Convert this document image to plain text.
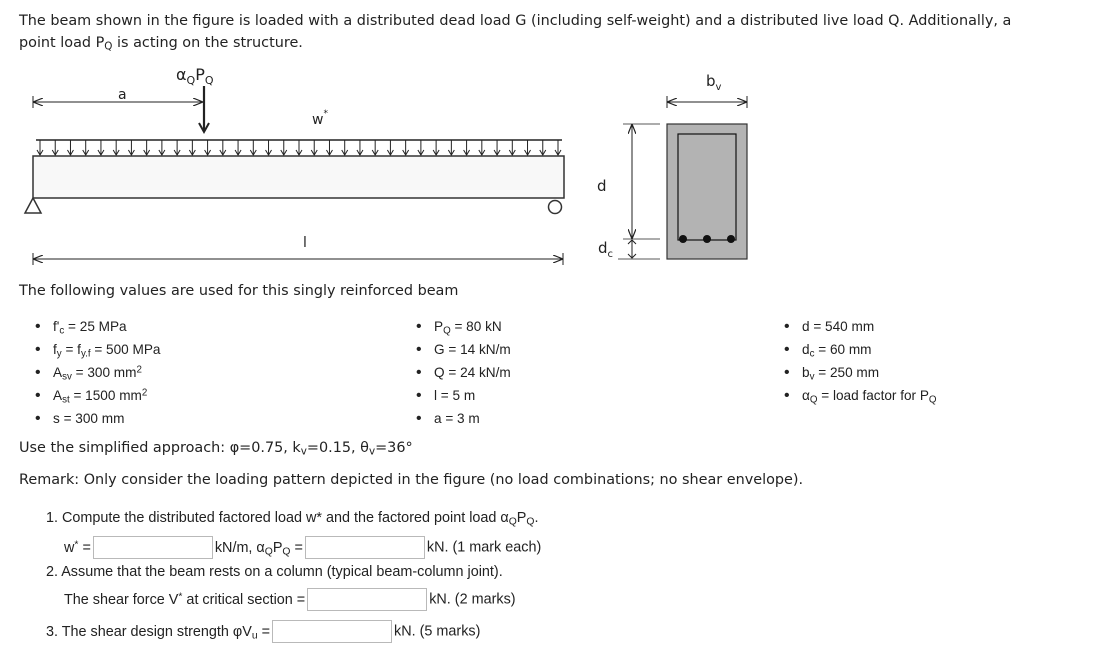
The beam shown in the figure is loaded with a distributed dead load G (including self-weight) and a distributed live load Q. Additionally, a
point load $P_Q$ is acting on the structure.
$\alpha_QP_Q$
a
w*
l
$b_v$
d
$d_c$
The following values are used for this singly reinforced beam
• $f'_c = 25$ MPa
• $f_y = f_{y.f} = 500$ MPa
• $A_{sv} = 300$ $mm^2$
• $A_{st} = 1500$ $mm^2$
• s = 300 mm
• $P_Q = 80$ kN
• G = 14 kN/m
• Q = 24 kN/m
• l = 5 m
• a = 3 m
• d = 540 mm
• $d_c = 60$ mm
• $b_v = 250$ mm
• $\alpha_Q$ = load factor for $P_Q$
Use the simplified approach: φ=0.75, $k_v=0.15$, $\theta_v=36^\circ$
Remark: Only consider the loading pattern depicted in the figure (no load combinations; no shear envelope).
1. Compute the distributed factored load w* and the factored point load $\alpha_QP_Q$.
w* =	kN/m, $\alpha_QP_Q$ =	kN. (1 mark each)
2. Assume that the beam rests on a column (typical beam-column joint).
The shear force V* at critical section =	kN. (2 marks)
3. The shear design strength $\varphi V_u$ =	kN. (5 marks)
